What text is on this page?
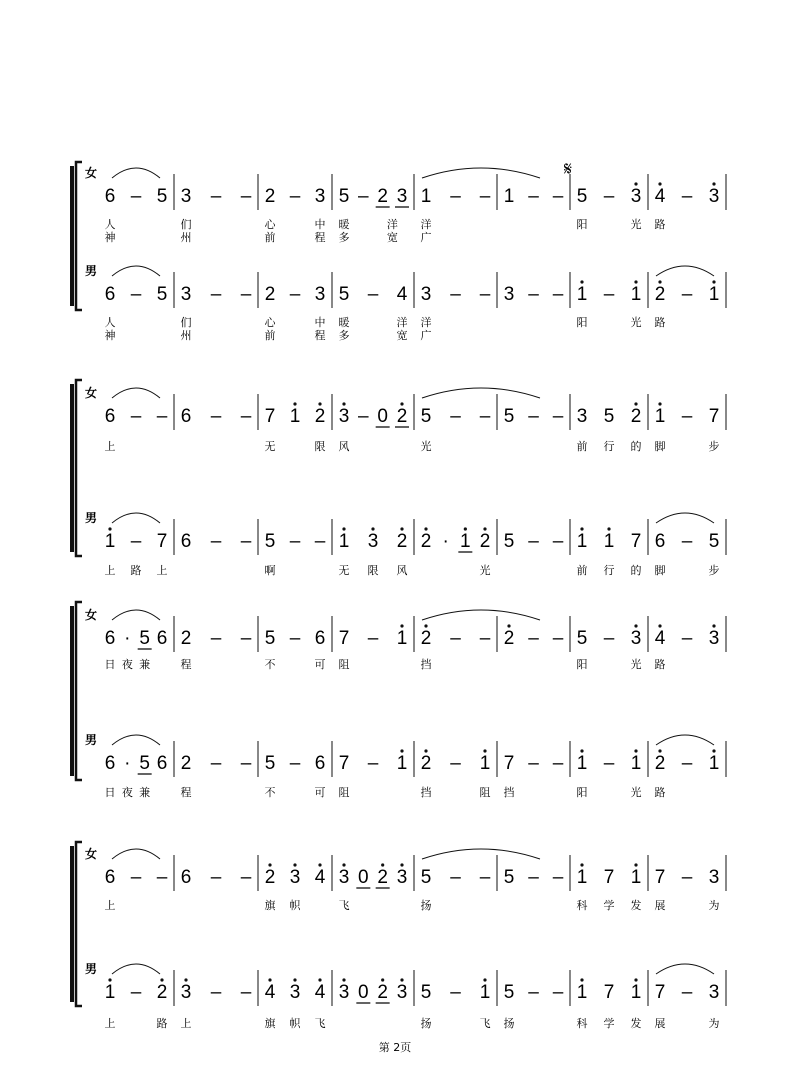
女
男
6 – 5 3 – – 2 – 3 5 – 2 3 1 – – 1 – – 5 – 3 4 – 3
人	们	心	中 暖	洋 洋	阳	光 路
神	州	前	程 多	宽 广
6 – 5 3 – – 2 – 3 5 – 4 3 – – 3 – – 1 – 1 2 – 1
人	们	心	中 暖	洋 洋	阳	光 路
神	州	前	程 多	宽 广
女
男
6 – – 6 – – 7 1 2 3 – 0 2 5 – – 5 – – 3 5 2 1 – 7
上	无	限 风	光	前 行 的 脚	步
1 – 7 6 – – 5 – – 1 3 2 2 · 1 2 5 – – 1 1 7 6 – 5
上 路 上	啊	无 限 风	光	前 行 的 脚	步
女
男
6 · 5 6 2 – – 5 – 6 7 – 1 2 – – 2 – – 5 – 3 4 – 3
日 夜 兼	程	不	可 阻	挡	阳	光 路
6 · 5 6 2 – – 5 – 6 7 – 1 2 – 1 7 – – 1 – 1 2 – 1
日 夜 兼	程	不	可 阻	挡	阻 挡	阳	光 路
女
男
6 – – 6 – – 2 3 4 3 0 2 3 5 – – 5 – – 1 7 1 7 – 3
上	旗 帜	飞	扬	科 学 发 展	为
1 – 2 3 – – 4 3 4 3 0 2 3 5 – 1 5 – – 1 7 1 7 – 3
上	路 上	旗 帜 飞	扬	飞 扬	科 学 发 展	为
𝄋
第 2页
